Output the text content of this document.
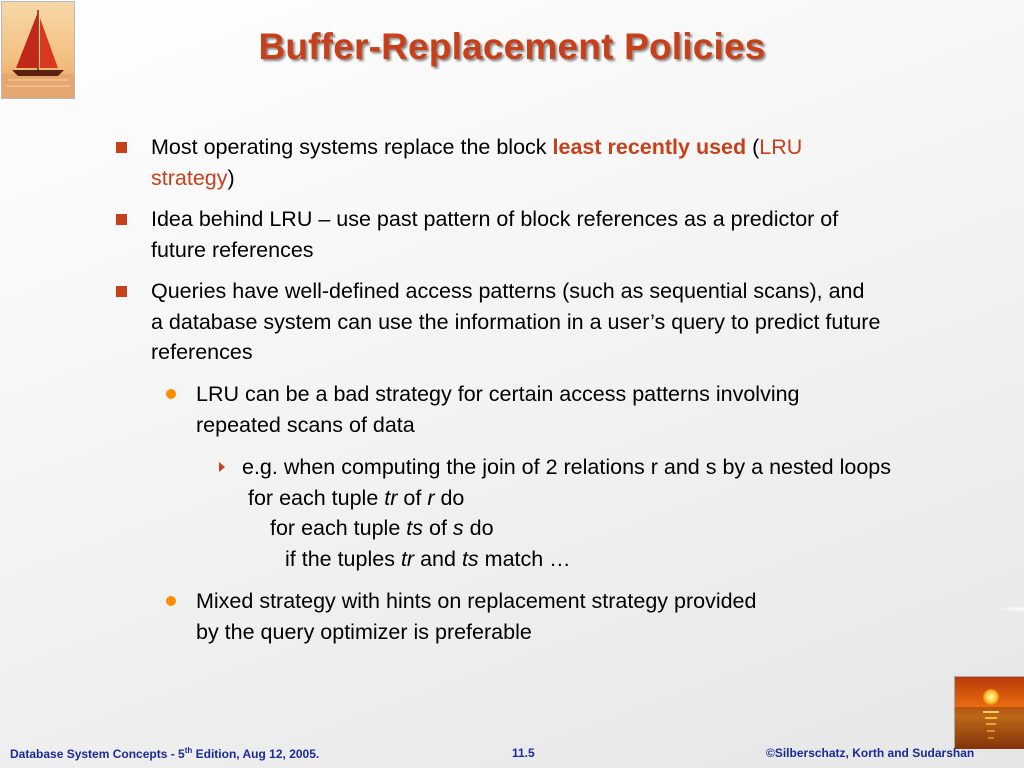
Buffer-Replacement Policies
Most operating systems replace the block least recently used (LRU
strategy)
Idea behind LRU – use past pattern of block references as a predictor of
future references
Queries have well-defined access patterns (such as sequential scans), and
a database system can use the information in a user’s query to predict future
references
LRU can be a bad strategy for certain access patterns involving
repeated scans of data
e.g. when computing the join of 2 relations r and s by a nested loops
for each tuple tr of r do
for each tuple ts of s do
if the tuples tr and ts match …
Mixed strategy with hints on replacement strategy provided
by the query optimizer is preferable
Database System Concepts - 5th Edition, Aug 12, 2005.	11.5	©Silberschatz, Korth and Sudarshan
